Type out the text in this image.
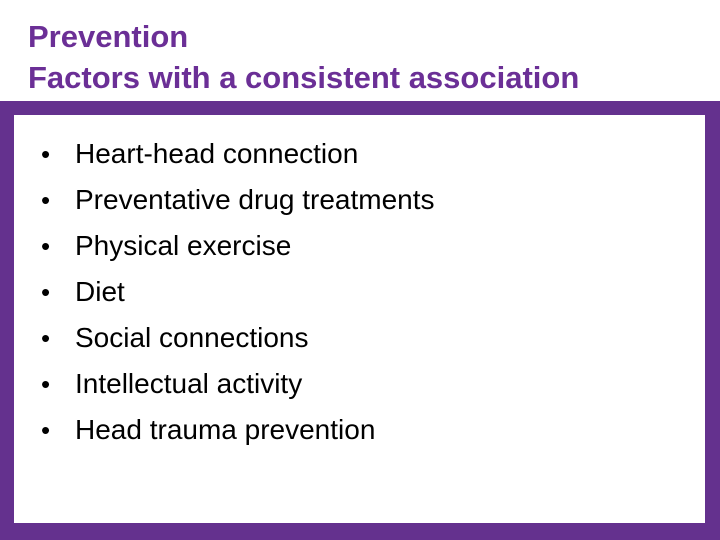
Prevention
Factors with a consistent association
• Heart-head connection
• Preventative drug treatments
• Physical exercise
• Diet
• Social connections
• Intellectual activity
• Head trauma prevention
